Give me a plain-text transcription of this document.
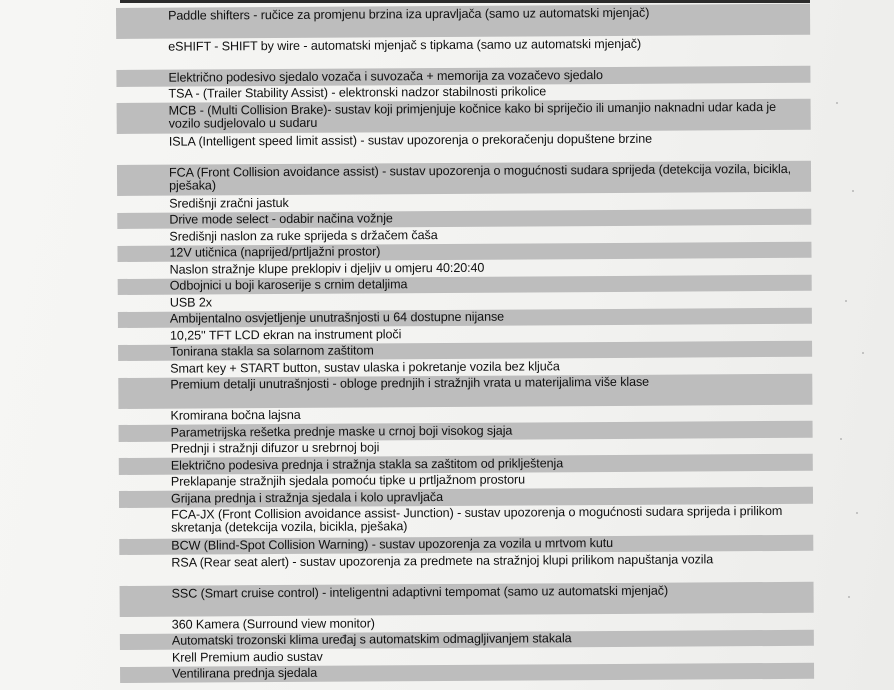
Paddle shifters - ručice za promjenu brzina iza upravljača (samo uz automatski mjenjač)
eSHIFT - SHIFT by wire - automatski mjenjač s tipkama (samo uz automatski mjenjač)
Električno podesivo sjedalo vozača i suvozača + memorija za vozačevo sjedalo
TSA - (Trailer Stability Assist) - elektronski nadzor stabilnosti prikolice
MCB - (Multi Collision Brake)- sustav koji primjenjuje kočnice kako bi spriječio ili umanjio naknadni udar kada je vozilo sudjelovalo u sudaru
ISLA (Intelligent speed limit assist) - sustav upozorenja o prekoračenju dopuštene brzine
FCA (Front Collision avoidance assist) - sustav upozorenja o mogućnosti sudara sprijeda (detekcija vozila, bicikla, pješaka)
Središnji zračni jastuk
Drive mode select - odabir načina vožnje
Središnji naslon za ruke sprijeda s držačem čaša
12V utičnica (naprijed/prtljažni prostor)
Naslon stražnje klupe preklopiv i djeljiv u omjeru 40:20:40
Odbojnici u boji karoserije s crnim detaljima
USB 2x
Ambijentalno osvjetljenje unutrašnjosti u 64 dostupne nijanse
10,25'' TFT LCD ekran na instrument ploči
Tonirana stakla sa solarnom zaštitom
Smart key + START button, sustav ulaska i pokretanje vozila bez ključa
Premium detalji unutrašnjosti - obloge prednjih i stražnjih vrata u materijalima više klase
Kromirana bočna lajsna
Parametrijska rešetka prednje maske u crnoj boji visokog sjaja
Prednji i stražnji difuzor u srebrnoj boji
Električno podesiva prednja i stražnja stakla sa zaštitom od priklještenja
Preklapanje stražnjih sjedala pomoću tipke u prtljažnom prostoru
Grijana prednja i stražnja sjedala i kolo upravljača
FCA-JX (Front Collision avoidance assist- Junction) - sustav upozorenja o mogućnosti sudara sprijeda i prilikom skretanja (detekcija vozila, bicikla, pješaka)
BCW (Blind-Spot Collision Warning) - sustav upozorenja za vozila u mrtvom kutu
RSA (Rear seat alert) - sustav upozorenja za predmete na stražnjoj klupi prilikom napuštanja vozila
SSC (Smart cruise control) - inteligentni adaptivni tempomat (samo uz automatski mjenjač)
360 Kamera (Surround view monitor)
Automatski trozonski klima uređaj s automatskim odmagljivanjem stakala
Krell Premium audio sustav
Ventilirana prednja sjedala
